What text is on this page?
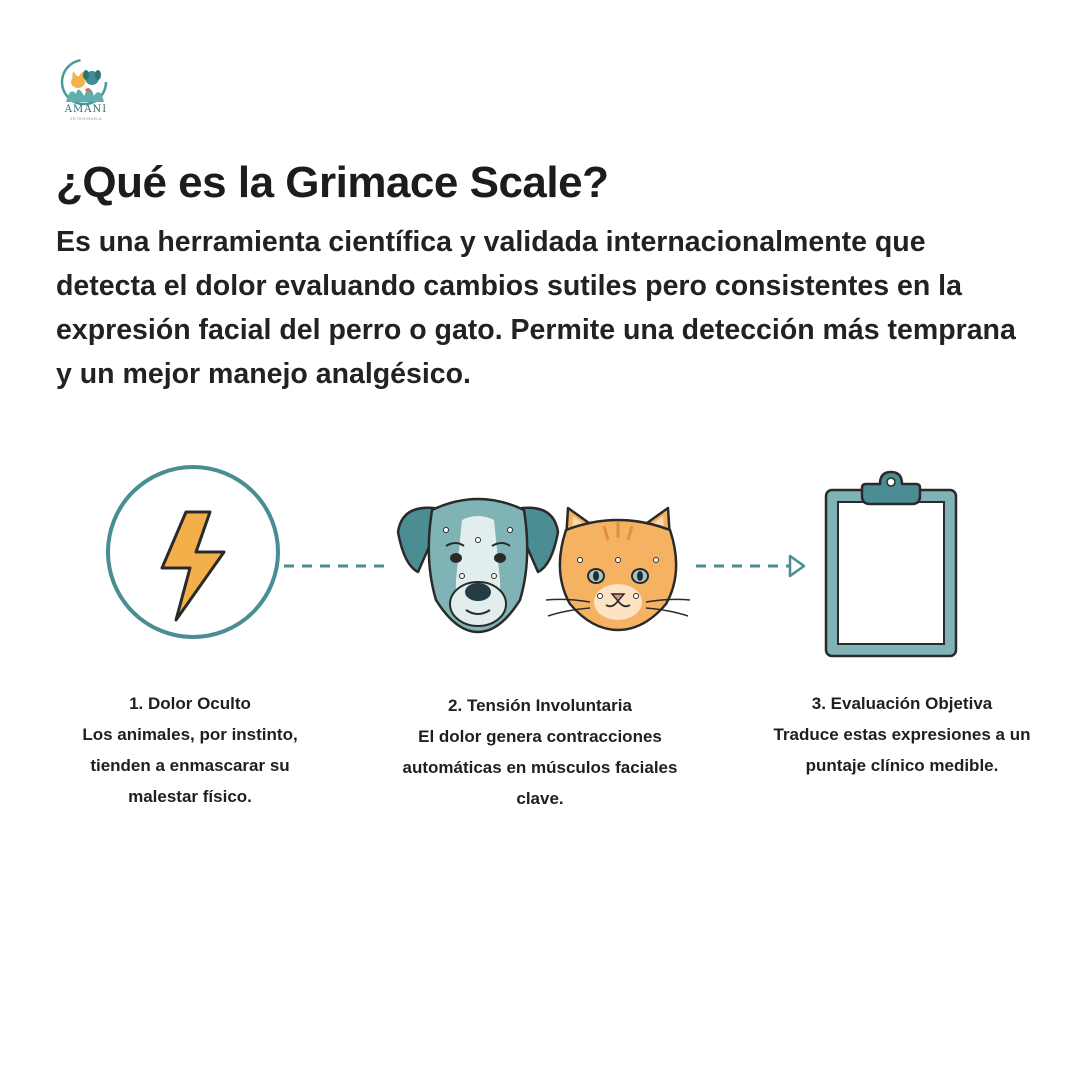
AMANI
VETERINARIA
¿Qué es la Grimace Scale?

Es una herramienta científica y validada internacionalmente que detecta el dolor evaluando cambios sutiles pero consistentes en la expresión facial del perro o gato. Permite una detección más temprana y un mejor manejo analgésico.

1. Dolor Oculto
Los animales, por instinto, tienden a enmascarar su malestar físico.
2. Tensión Involuntaria
El dolor genera contracciones automáticas en músculos faciales clave.
3. Evaluación Objetiva
Traduce estas expresiones a un puntaje clínico medible.
